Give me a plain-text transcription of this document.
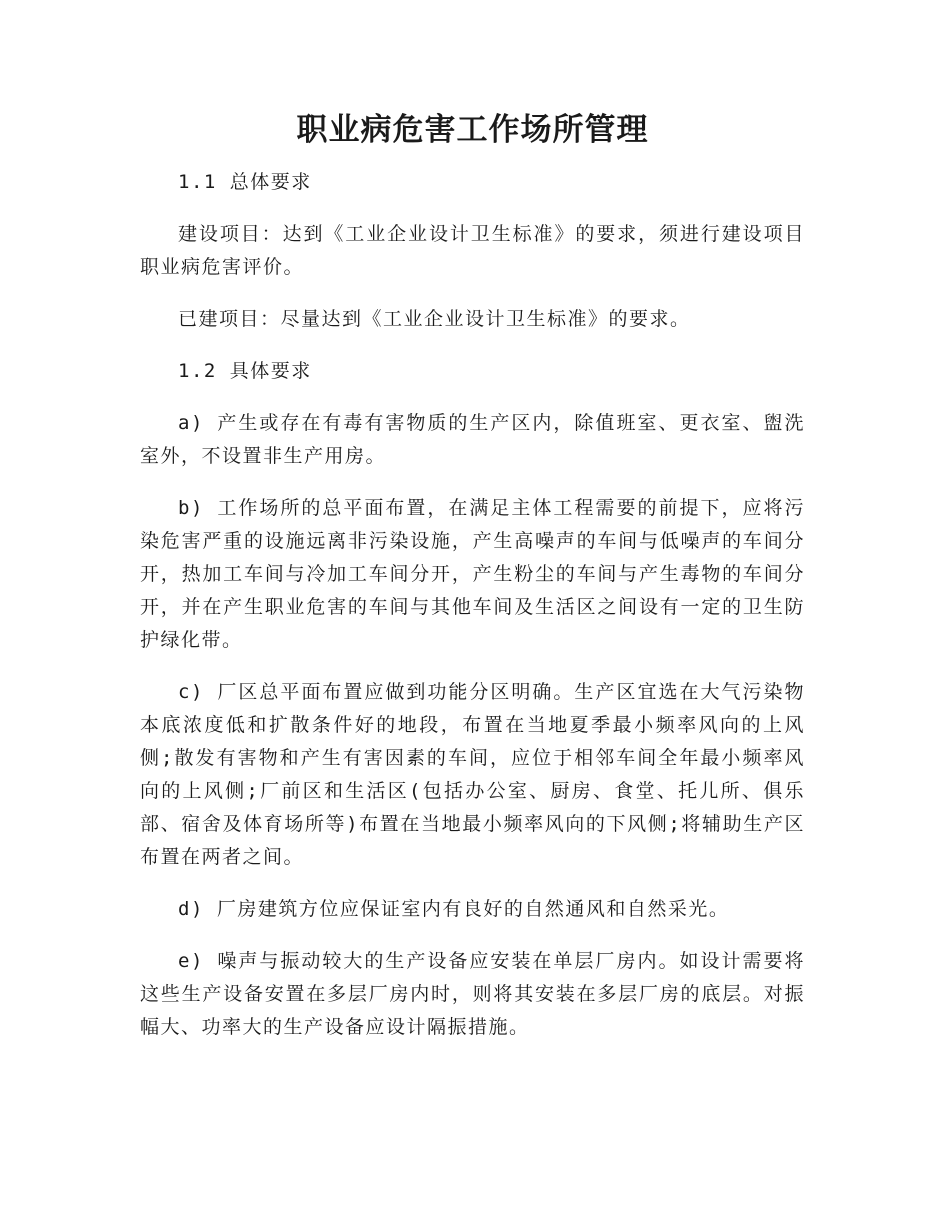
职业病危害工作场所管理

1.1 总体要求

建设项目：达到《工业企业设计卫生标准》的要求，须进行建设项目职业病危害评价。

已建项目：尽量达到《工业企业设计卫生标准》的要求。

1.2 具体要求

a) 产生或存在有毒有害物质的生产区内，除值班室、更衣室、盥洗室外，不设置非生产用房。

b) 工作场所的总平面布置，在满足主体工程需要的前提下，应将污染危害严重的设施远离非污染设施，产生高噪声的车间与低噪声的车间分开，热加工车间与冷加工车间分开，产生粉尘的车间与产生毒物的车间分开，并在产生职业危害的车间与其他车间及生活区之间设有一定的卫生防护绿化带。

c) 厂区总平面布置应做到功能分区明确。生产区宜选在大气污染物本底浓度低和扩散条件好的地段，布置在当地夏季最小频率风向的上风侧;散发有害物和产生有害因素的车间，应位于相邻车间全年最小频率风向的上风侧;厂前区和生活区(包括办公室、厨房、食堂、托儿所、俱乐部、宿舍及体育场所等)布置在当地最小频率风向的下风侧;将辅助生产区布置在两者之间。

d) 厂房建筑方位应保证室内有良好的自然通风和自然采光。

e) 噪声与振动较大的生产设备应安装在单层厂房内。如设计需要将这些生产设备安置在多层厂房内时，则将其安装在多层厂房的底层。对振幅大、功率大的生产设备应设计隔振措施。
